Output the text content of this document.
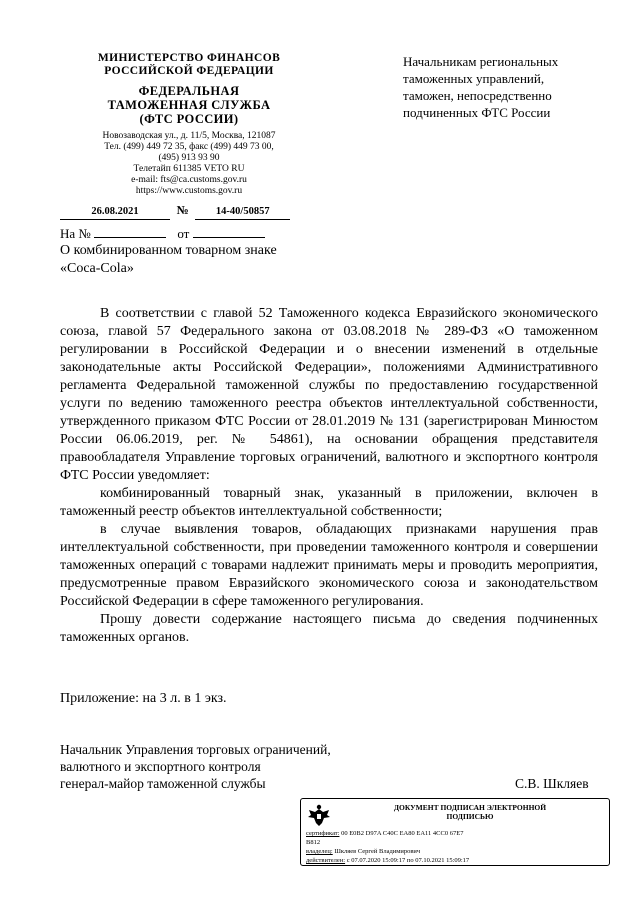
МИНИСТЕРСТВО ФИНАНСОВ
РОССИЙСКОЙ ФЕДЕРАЦИИ
ФЕДЕРАЛЬНАЯ
ТАМОЖЕННАЯ СЛУЖБА
(ФТС РОССИИ)
Новозаводская ул., д. 11/5, Москва, 121087
Тел. (499) 449 72 35, факс (499) 449 73 00,
(495) 913 93 90
Телетайп 611385 VETO RU
e-mail: fts@ca.customs.gov.ru
https://www.customs.gov.ru
26.08.2021	№	14-40/50857
На №	от
Начальникам региональных
таможенных управлений,
таможен, непосредственно
подчиненных ФТС России
О комбинированном товарном знаке
«Coca-Cola»

В соответствии с главой 52 Таможенного кодекса Евразийского экономического союза, главой 57 Федерального закона от 03.08.2018 № 289-ФЗ «О таможенном регулировании в Российской Федерации и о внесении изменений в отдельные законодательные акты Российской Федерации», положениями Административного регламента Федеральной таможенной службы по предоставлению государственной услуги по ведению таможенного реестра объектов интеллектуальной собственности, утвержденного приказом ФТС России от 28.01.2019 № 131 (зарегистрирован Минюстом России 06.06.2019, рег. № 54861), на основании обращения представителя правообладателя Управление торговых ограничений, валютного и экспортного контроля ФТС России уведомляет:

комбинированный товарный знак, указанный в приложении, включен в таможенный реестр объектов интеллектуальной собственности;

в случае выявления товаров, обладающих признаками нарушения прав интеллектуальной собственности, при проведении таможенного контроля и совершении таможенных операций с товарами надлежит принимать меры и проводить мероприятия, предусмотренные правом Евразийского экономического союза и законодательством Российской Федерации в сфере таможенного регулирования.

Прошу довести содержание настоящего письма до сведения подчиненных таможенных органов.

Приложение: на 3 л. в 1 экз.
Начальник Управления торговых ограничений,
валютного и экспортного контроля
генерал-майор таможенной службы	С.В. Шкляев
ДОКУМЕНТ ПОДПИСАН ЭЛЕКТРОННОЙ
ПОДПИСЬЮ
сертификат: 00 E0B2 D97A C40C EA80 EA11 4CC0 67E7
B812
владелец: Шкляев Сергей Владимирович
действителен: с 07.07.2020 15:09:17 по 07.10.2021 15:09:17
